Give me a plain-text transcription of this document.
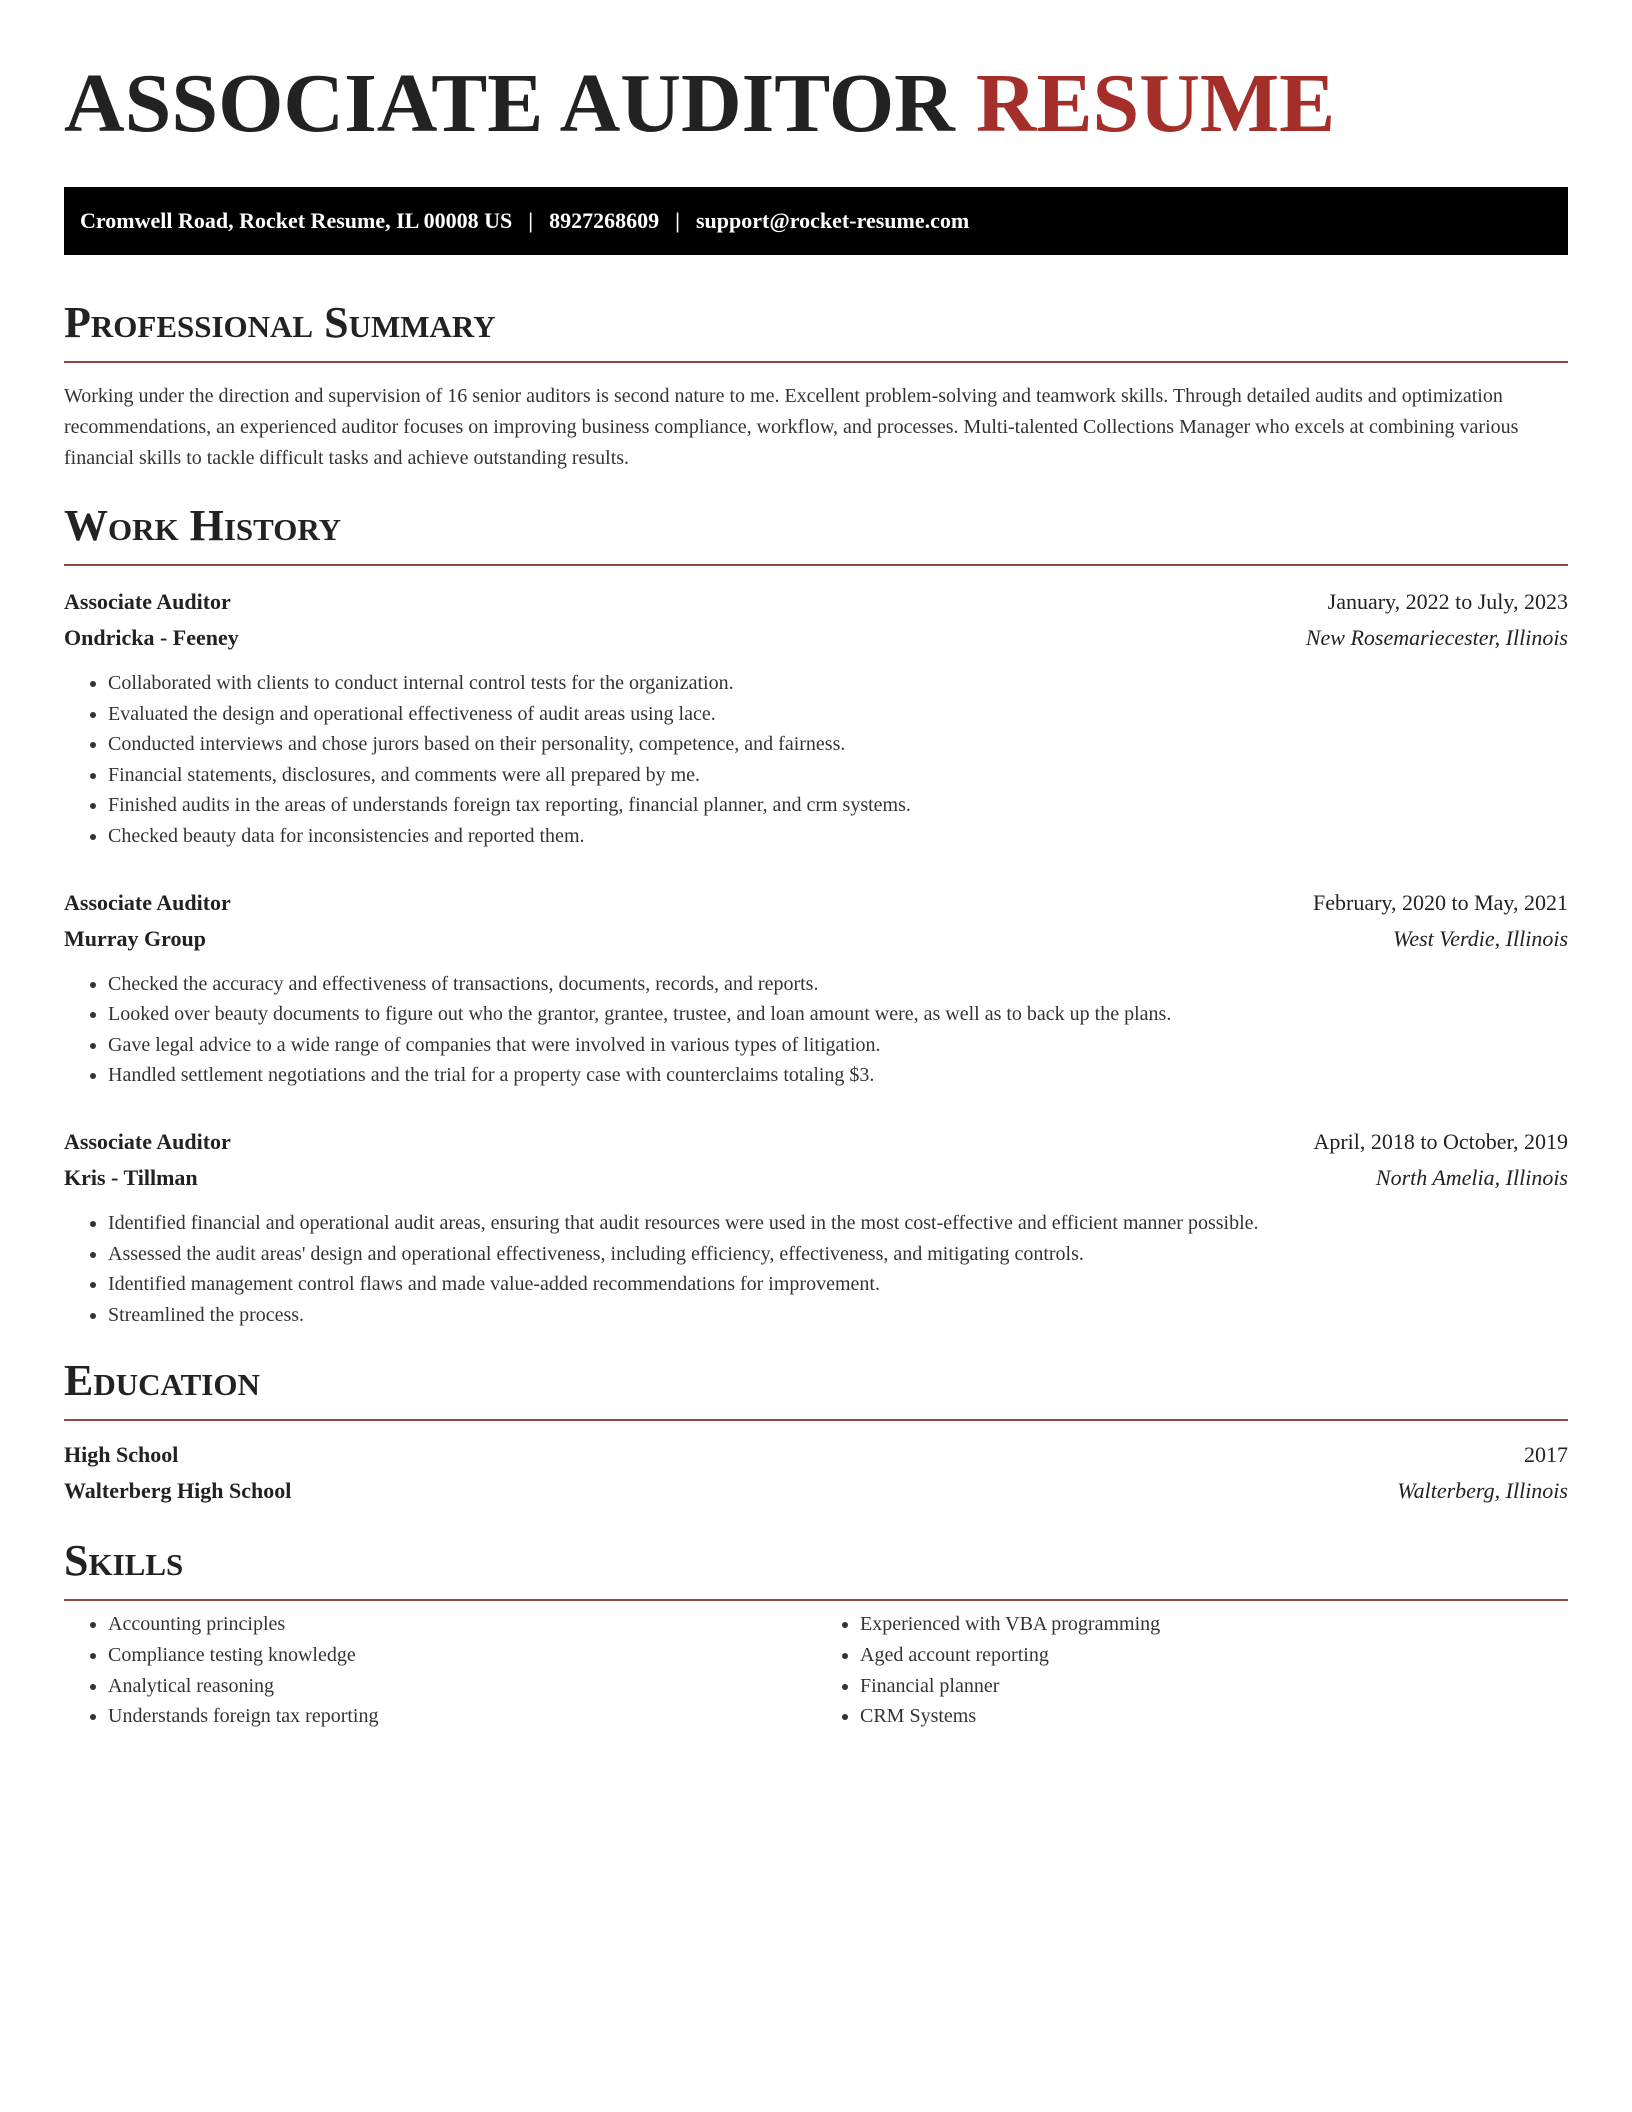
ASSOCIATE AUDITOR RESUME
Cromwell Road, Rocket Resume, IL 00008 US | 8927268609 | support@rocket-resume.com
Professional Summary

Working under the direction and supervision of 16 senior auditors is second nature to me. Excellent problem-solving and teamwork skills. Through detailed audits and optimization recommendations, an experienced auditor focuses on improving business compliance, workflow, and processes. Multi-talented Collections Manager who excels at combining various financial skills to tackle difficult tasks and achieve outstanding results.

Work History
Associate Auditor	January, 2022 to July, 2023
Ondricka - Feeney	New Rosemariecester, Illinois
• Collaborated with clients to conduct internal control tests for the organization.
• Evaluated the design and operational effectiveness of audit areas using lace.
• Conducted interviews and chose jurors based on their personality, competence, and fairness.
• Financial statements, disclosures, and comments were all prepared by me.
• Finished audits in the areas of understands foreign tax reporting, financial planner, and crm systems.
• Checked beauty data for inconsistencies and reported them.
Associate Auditor	February, 2020 to May, 2021
Murray Group	West Verdie, Illinois
• Checked the accuracy and effectiveness of transactions, documents, records, and reports.
• Looked over beauty documents to figure out who the grantor, grantee, trustee, and loan amount were, as well as to back up the plans.
• Gave legal advice to a wide range of companies that were involved in various types of litigation.
• Handled settlement negotiations and the trial for a property case with counterclaims totaling $3.
Associate Auditor	April, 2018 to October, 2019
Kris - Tillman	North Amelia, Illinois
• Identified financial and operational audit areas, ensuring that audit resources were used in the most cost-effective and efficient manner possible.
• Assessed the audit areas' design and operational effectiveness, including efficiency, effectiveness, and mitigating controls.
• Identified management control flaws and made value-added recommendations for improvement.
• Streamlined the process.
Education
High School	2017
Walterberg High School	Walterberg, Illinois
Skills
• Accounting principles
• Compliance testing knowledge
• Analytical reasoning
• Understands foreign tax reporting
• Experienced with VBA programming
• Aged account reporting
• Financial planner
• CRM Systems
